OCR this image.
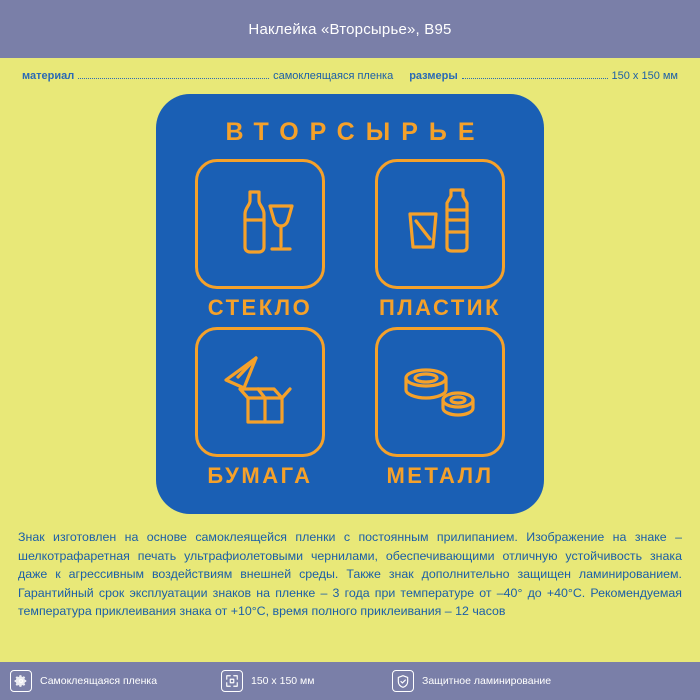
Наклейка «Вторсырье», В95
материал	самоклеящаяся пленка размеры	150 x 150 мм
ВТОРСЫРЬЕ
СТЕКЛО	ПЛАСТИК
БУМАГА	МЕТАЛЛ
Знак изготовлен на основе самоклеящейся пленки с постоянным прилипанием. Изображение на знаке – шелкотрафаретная печать ультрафиолетовыми чернилами, обеспечивающими отличную устойчивость знака даже к агрессивным воздействиям внешней среды. Также знак дополнительно защищен ламинированием. Гарантийный срок эксплуатации знаков на пленке – 3 года при температуре от –40° до +40°С. Рекомендуемая температура приклеивания знака от +10°С, время полного приклеивания – 12 часов
Самоклеящаяся пленка	150 x 150 мм	Защитное ламинирование
